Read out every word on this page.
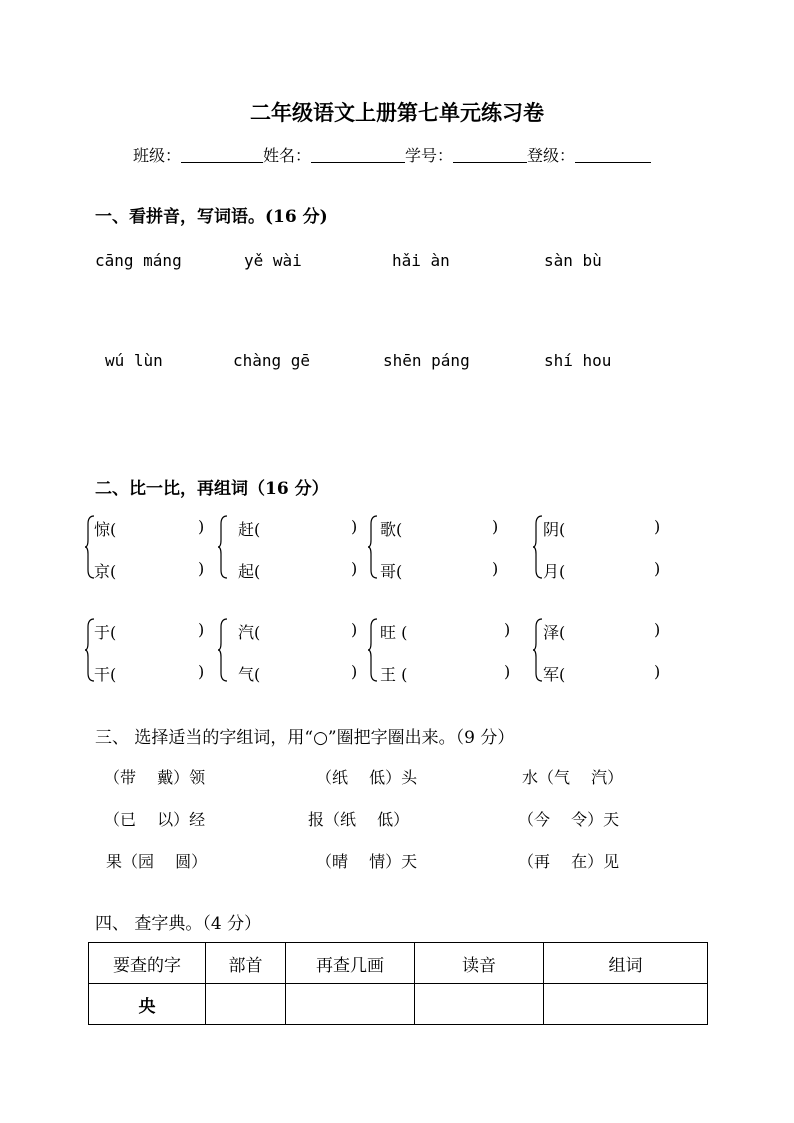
二年级语文上册第七单元练习卷
班级：	姓名：	学号：	登级：
一、看拼音，写词语。(16 分)
cāng máng	yě wài	hǎi àn	sàn bù
wú lùn	chàng gē	shēn páng	shí hou
二、比一比，再组词（16 分）
惊(	)
京(	)
赶(	)
起(	)
歌(	)
哥(	)
阴(	)
月(	)
于(	)
干(	)
汽(	)
气(	)
旺 (	)
王 (	)
泽(	)
军(	)
三、 选择适当的字组词，用“○”圈把字圈出来。（9 分）
（带　 戴）领	（纸　 低）头	水（气　 汽）
（已　 以）经	报（纸　 低）	（今　 令）天
果（园　 圆）	（晴　 情）天	（再　 在）见
四、 查字典。（4 分）
要查的字	部首	再查几画	读音	组词
央				
